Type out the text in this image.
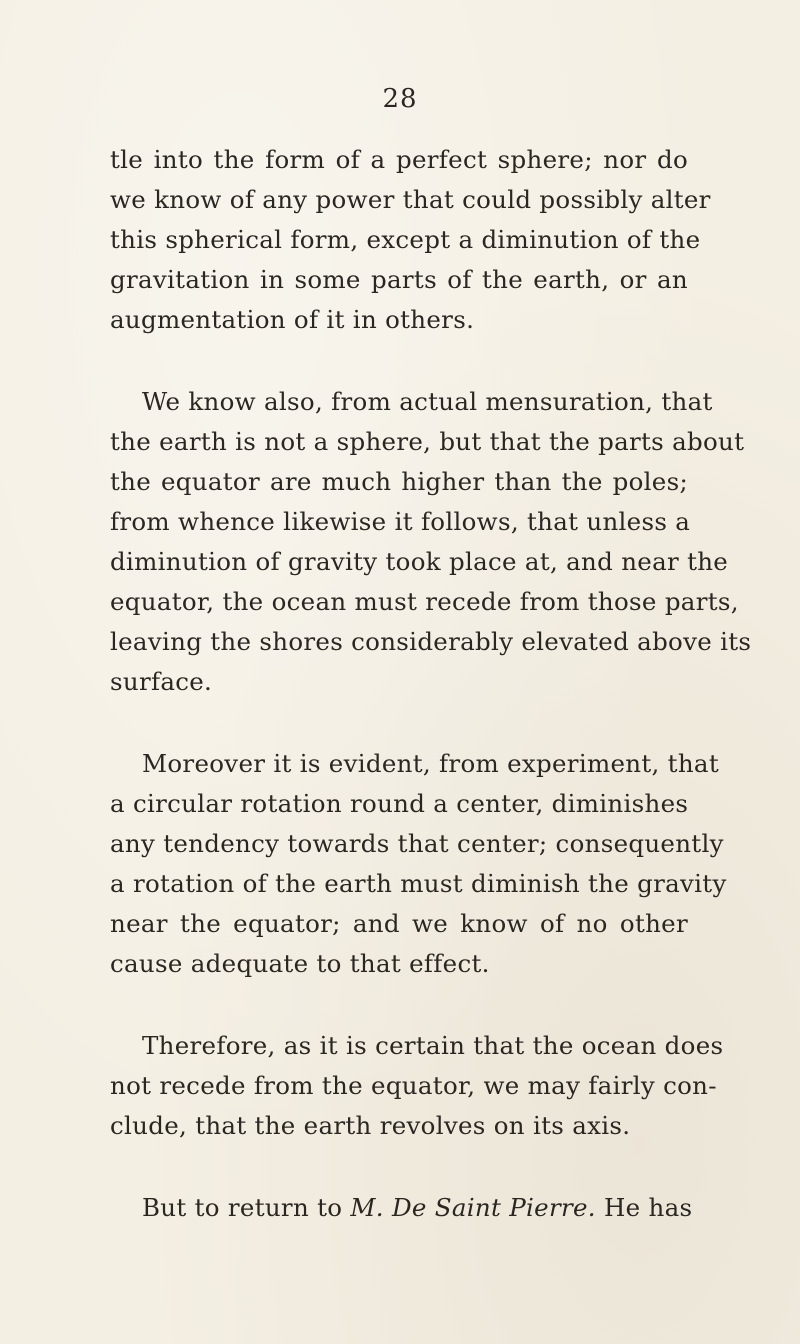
28
tle into the form of a perfect sphere; nor do
we know of any power that could possibly alter
this spherical form, except a diminution of the
gravitation in some parts of the earth, or an
augmentation of it in others.
We know also, from actual mensuration, that
the earth is not a sphere, but that the parts about
the equator are much higher than the poles;
from whence likewise it follows, that unless a
diminution of gravity took place at, and near the
equator, the ocean must recede from those parts,
leaving the shores considerably elevated above its
surface.
Moreover it is evident, from experiment, that
a circular rotation round a center, diminishes
any tendency towards that center; consequently
a rotation of the earth must diminish the gravity
near the equator; and we know of no other
cause adequate to that effect.
Therefore, as it is certain that the ocean does
not recede from the equator, we may fairly con-
clude, that the earth revolves on its axis.
But to return to M. De Saint Pierre. He has
